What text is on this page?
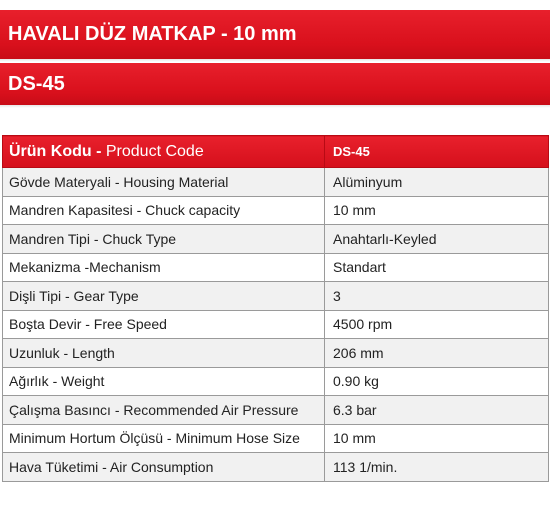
HAVALI DÜZ MATKAP - 10 mm
DS-45
Ürün Kodu - Product Code	DS-45
Gövde Materyali - Housing Material	Alüminyum
Mandren Kapasitesi - Chuck capacity	10 mm
Mandren Tipi - Chuck Type	Anahtarlı-Keyled
Mekanizma -Mechanism	Standart
Dişli Tipi - Gear Type	3
Boşta Devir - Free Speed	4500 rpm
Uzunluk - Length	206 mm
Ağırlık - Weight	0.90 kg
Çalışma Basıncı - Recommended Air Pressure	6.3 bar
Minimum Hortum Ölçüsü - Minimum Hose Size	10 mm
Hava Tüketimi - Air Consumption	113 1/min.
